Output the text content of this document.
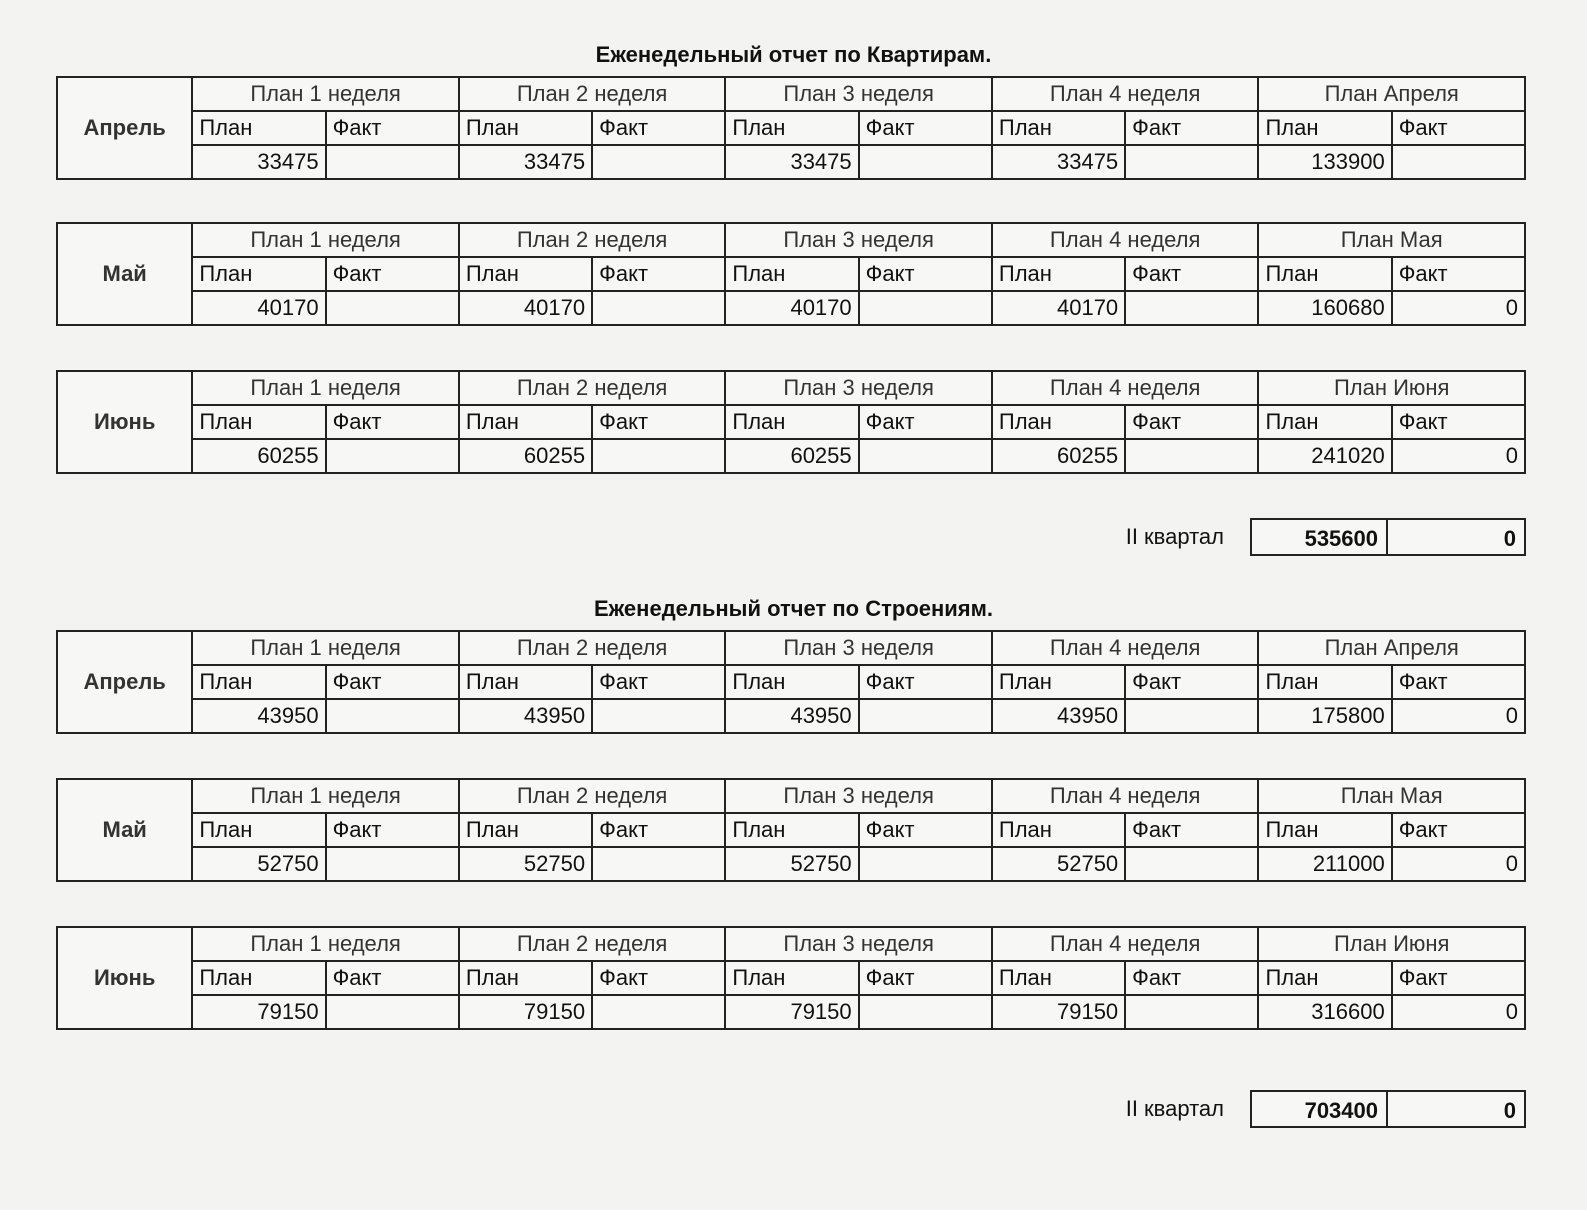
Еженедельный отчет по Квартирам.
Апрель	План 1 неделя		План 2 неделя		План 3 неделя		План 4 неделя		План Апреля	
	План	Факт	План	Факт	План	Факт	План	Факт	План	Факт
	33475		33475		33475		33475		133900	
Май	План 1 неделя		План 2 неделя		План 3 неделя		План 4 неделя		План Мая	
	План	Факт	План	Факт	План	Факт	План	Факт	План	Факт
	40170		40170		40170		40170		160680	0
Июнь	План 1 неделя		План 2 неделя		План 3 неделя		План 4 неделя		План Июня	
	План	Факт	План	Факт	План	Факт	План	Факт	План	Факт
	60255		60255		60255		60255		241020	0
II квартал	535600	0
Еженедельный отчет по Строениям.
Апрель	План 1 неделя		План 2 неделя		План 3 неделя		План 4 неделя		План Апреля	
	План	Факт	План	Факт	План	Факт	План	Факт	План	Факт
	43950		43950		43950		43950		175800	0
Май	План 1 неделя		План 2 неделя		План 3 неделя		План 4 неделя		План Мая	
	План	Факт	План	Факт	План	Факт	План	Факт	План	Факт
	52750		52750		52750		52750		211000	0
Июнь	План 1 неделя		План 2 неделя		План 3 неделя		План 4 неделя		План Июня	
	План	Факт	План	Факт	План	Факт	План	Факт	План	Факт
	79150		79150		79150		79150		316600	0
II квартал	703400	0
